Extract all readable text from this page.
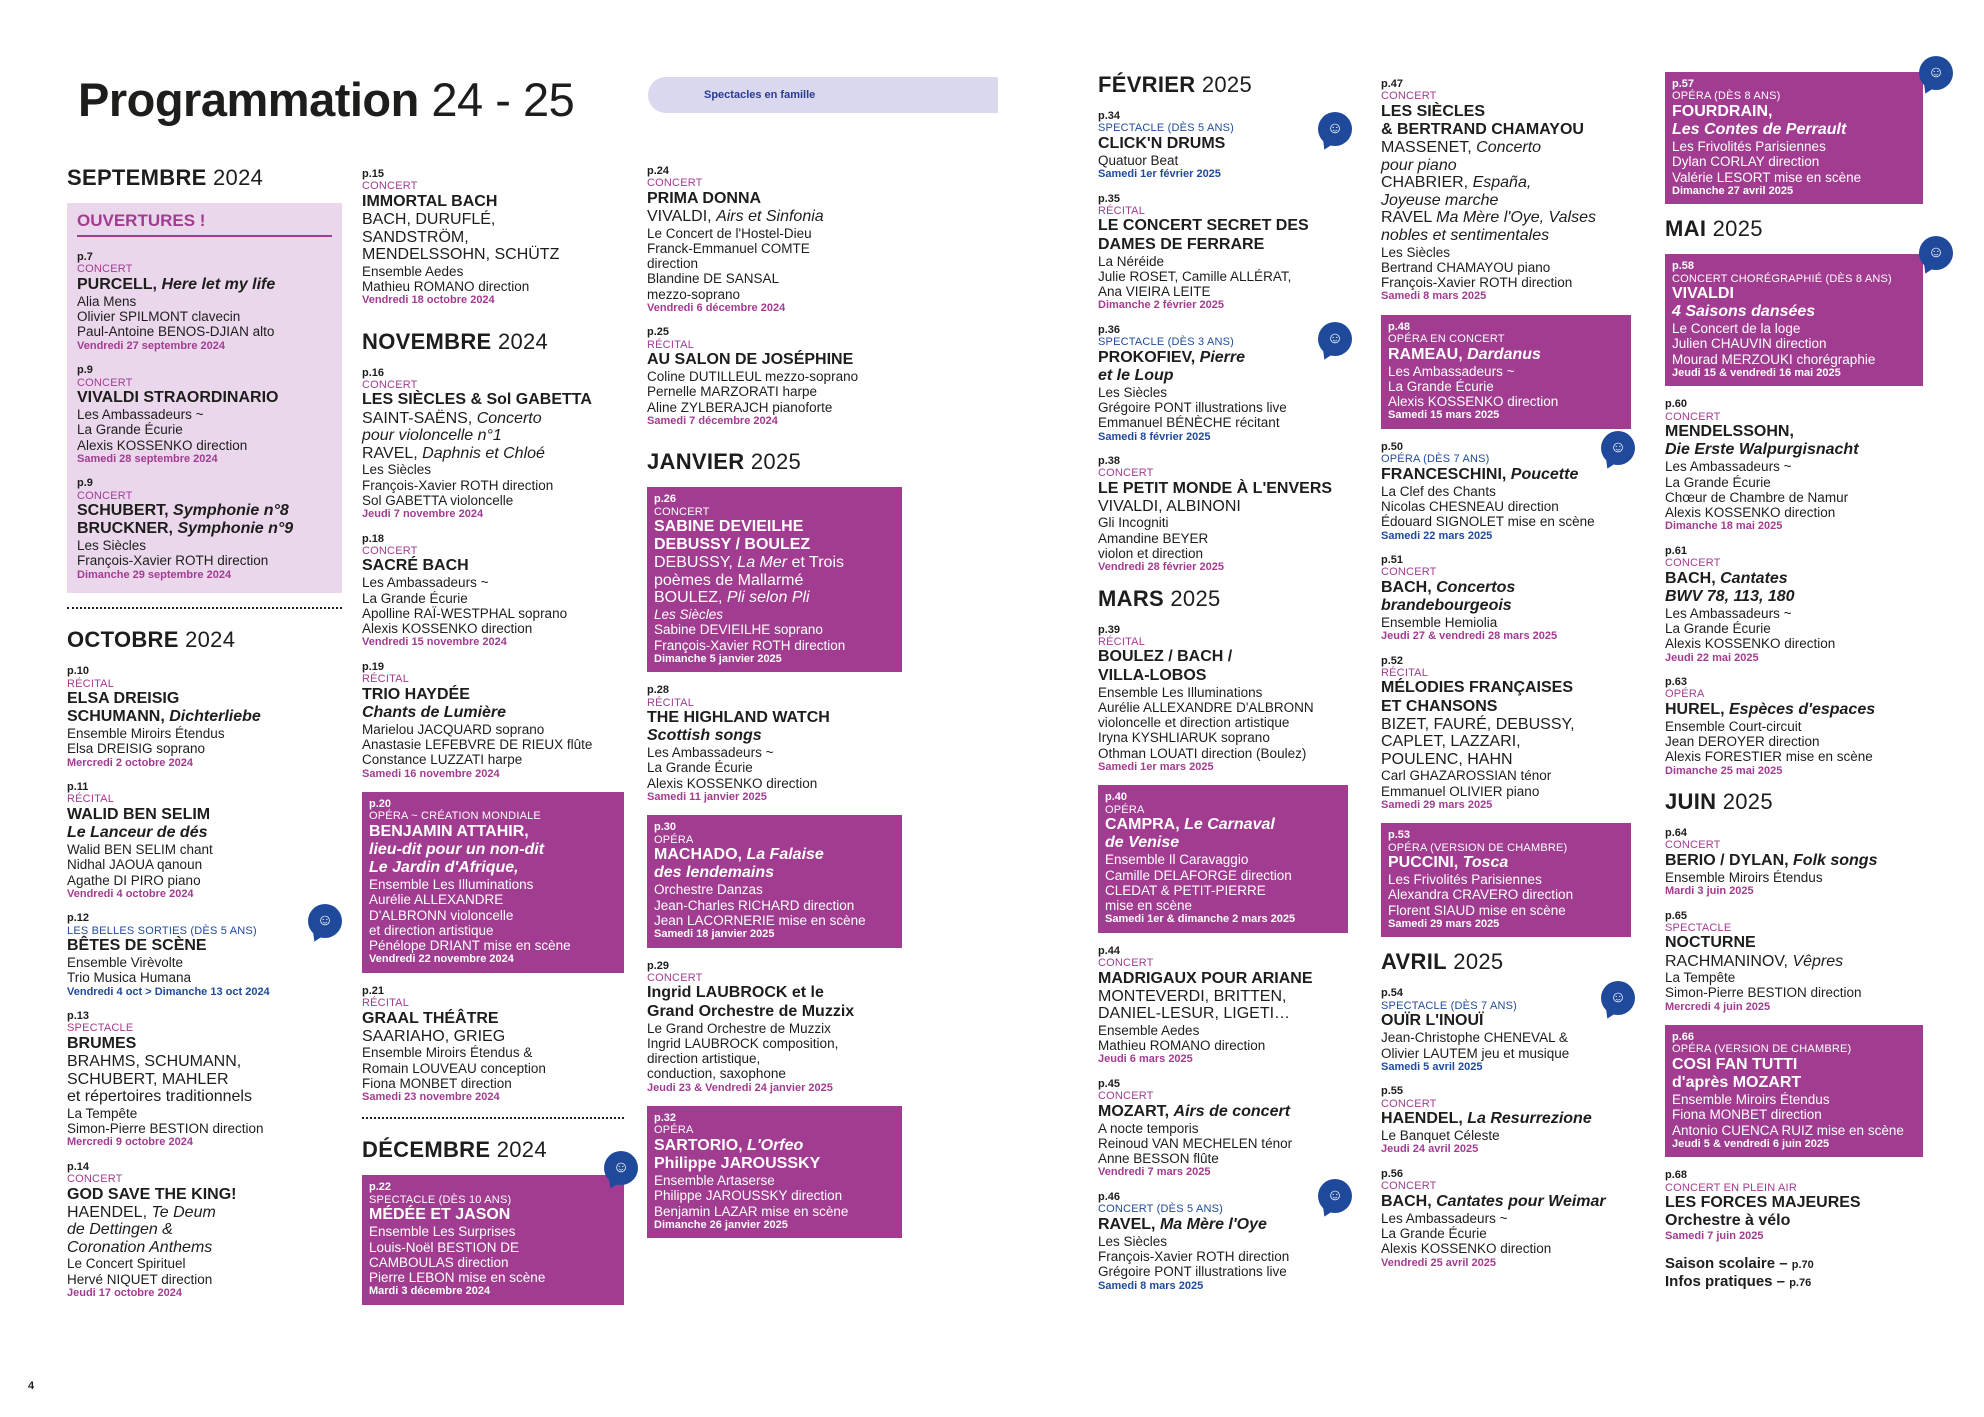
Programmation 24 - 25	Spectacles en famille
SEPTEMBRE 2024
OUVERTURES !
p.7
CONCERT
PURCELL, Here let my life
Alia Mens
Olivier SPILMONT clavecin
Paul-Antoine BENOS-DJIAN alto
Vendredi 27 septembre 2024
p.9
CONCERT
VIVALDI STRAORDINARIO
Les Ambassadeurs ~
La Grande Écurie
Alexis KOSSENKO direction
Samedi 28 septembre 2024
p.9
CONCERT
SCHUBERT, Symphonie n°8
BRUCKNER, Symphonie n°9
Les Siècles
François-Xavier ROTH direction
Dimanche 29 septembre 2024
OCTOBRE 2024
p.10
RÉCITAL
ELSA DREISIG
SCHUMANN, Dichterliebe
Ensemble Miroirs Étendus
Elsa DREISIG soprano
Mercredi 2 octobre 2024
p.11
RÉCITAL
WALID BEN SELIM
Le Lanceur de dés
Walid BEN SELIM chant
Nidhal JAOUA qanoun
Agathe DI PIRO piano
Vendredi 4 octobre 2024
p.12
LES BELLES SORTIES (DÈS 5 ANS)
BÊTES DE SCÈNE
Ensemble Virèvolte
Trio Musica Humana
Vendredi 4 oct > Dimanche 13 oct 2024
☺
p.13
SPECTACLE
BRUMES
BRAHMS, SCHUMANN,
SCHUBERT, MAHLER
et répertoires traditionnels
La Tempête
Simon-Pierre BESTION direction
Mercredi 9 octobre 2024
p.14
CONCERT
GOD SAVE THE KING!
HAENDEL, Te Deum
de Dettingen &
Coronation Anthems
Le Concert Spirituel
Hervé NIQUET direction
Jeudi 17 octobre 2024
p.15
CONCERT
IMMORTAL BACH
BACH, DURUFLÉ,
SANDSTRÖM,
MENDELSSOHN, SCHÜTZ
Ensemble Aedes
Mathieu ROMANO direction
Vendredi 18 octobre 2024
NOVEMBRE 2024
p.16
CONCERT
LES SIÈCLES & Sol GABETTA
SAINT-SAËNS, Concerto
pour violoncelle n°1
RAVEL, Daphnis et Chloé
Les Siècles
François-Xavier ROTH direction
Sol GABETTA violoncelle
Jeudi 7 novembre 2024
p.18
CONCERT
SACRÉ BACH
Les Ambassadeurs ~
La Grande Écurie
Apolline RAÏ-WESTPHAL soprano
Alexis KOSSENKO direction
Vendredi 15 novembre 2024
p.19
RÉCITAL
TRIO HAYDÉE
Chants de Lumière
Marielou JACQUARD soprano
Anastasie LEFEBVRE DE RIEUX flûte
Constance LUZZATI harpe
Samedi 16 novembre 2024
p.20
OPÉRA ~ CRÉATION MONDIALE
BENJAMIN ATTAHIR,
lieu-dit pour un non-dit
Le Jardin d'Afrique,
Ensemble Les Illuminations
Aurélie ALLEXANDRE
D'ALBRONN violoncelle
et direction artistique
Pénélope DRIANT mise en scène
Vendredi 22 novembre 2024
p.21
RÉCITAL
GRAAL THÉÂTRE
SAARIAHO, GRIEG
Ensemble Miroirs Étendus &
Romain LOUVEAU conception
Fiona MONBET direction
Samedi 23 novembre 2024
DÉCEMBRE 2024
p.22
SPECTACLE (DÈS 10 ANS)
MÉDÉE ET JASON
Ensemble Les Surprises
Louis-Noël BESTION DE
CAMBOULAS direction
Pierre LEBON mise en scène
Mardi 3 décembre 2024
☺
p.24
CONCERT
PRIMA DONNA
VIVALDI, Airs et Sinfonia
Le Concert de l'Hostel-Dieu
Franck-Emmanuel COMTE
direction
Blandine DE SANSAL
mezzo-soprano
Vendredi 6 décembre 2024
p.25
RÉCITAL
AU SALON DE JOSÉPHINE
Coline DUTILLEUL mezzo-soprano
Pernelle MARZORATI harpe
Aline ZYLBERAJCH pianoforte
Samedi 7 décembre 2024
JANVIER 2025
p.26
CONCERT
SABINE DEVIEILHE
DEBUSSY / BOULEZ
DEBUSSY, La Mer et Trois
poèmes de Mallarmé
BOULEZ, Pli selon Pli
Les Siècles
Sabine DEVIEILHE soprano
François-Xavier ROTH direction
Dimanche 5 janvier 2025
p.28
RÉCITAL
THE HIGHLAND WATCH
Scottish songs
Les Ambassadeurs ~
La Grande Écurie
Alexis KOSSENKO direction
Samedi 11 janvier 2025
p.30
OPÉRA
MACHADO, La Falaise
des lendemains
Orchestre Danzas
Jean-Charles RICHARD direction
Jean LACORNERIE mise en scène
Samedi 18 janvier 2025
p.29
CONCERT
Ingrid LAUBROCK et le
Grand Orchestre de Muzzix
Le Grand Orchestre de Muzzix
Ingrid LAUBROCK composition,
direction artistique,
conduction, saxophone
Jeudi 23 & Vendredi 24 janvier 2025
p.32
OPÉRA
SARTORIO, L'Orfeo
Philippe JAROUSSKY
Ensemble Artaserse
Philippe JAROUSSKY direction
Benjamin LAZAR mise en scène
Dimanche 26 janvier 2025
FÉVRIER 2025
p.34
SPECTACLE (DÈS 5 ANS)
CLICK'N DRUMS
Quatuor Beat
Samedi 1er février 2025
☺
p.35
RÉCITAL
LE CONCERT SECRET DES
DAMES DE FERRARE
La Néréide
Julie ROSET, Camille ALLÉRAT,
Ana VIEIRA LEITE
Dimanche 2 février 2025
p.36
SPECTACLE (DÈS 3 ANS)
PROKOFIEV, Pierre
et le Loup
Les Siècles
Grégoire PONT illustrations live
Emmanuel BÉNÈCHE récitant
Samedi 8 février 2025
☺
p.38
CONCERT
LE PETIT MONDE À L'ENVERS
VIVALDI, ALBINONI
Gli Incogniti
Amandine BEYER
violon et direction
Vendredi 28 février 2025
MARS 2025
p.39
RÉCITAL
BOULEZ / BACH /
VILLA-LOBOS
Ensemble Les Illuminations
Aurélie ALLEXANDRE D'ALBRONN
violoncelle et direction artistique
Iryna KYSHLIARUK soprano
Othman LOUATI direction (Boulez)
Samedi 1er mars 2025
p.40
OPÉRA
CAMPRA, Le Carnaval
de Venise
Ensemble Il Caravaggio
Camille DELAFORGE direction
CLEDAT & PETIT-PIERRE
mise en scène
Samedi 1er & dimanche 2 mars 2025
p.44
CONCERT
MADRIGAUX POUR ARIANE
MONTEVERDI, BRITTEN,
DANIEL-LESUR, LIGETI…
Ensemble Aedes
Mathieu ROMANO direction
Jeudi 6 mars 2025
p.45
CONCERT
MOZART, Airs de concert
A nocte temporis
Reinoud VAN MECHELEN ténor
Anne BESSON flûte
Vendredi 7 mars 2025
p.46
CONCERT (DÈS 5 ANS)
RAVEL, Ma Mère l'Oye
Les Siècles
François-Xavier ROTH direction
Grégoire PONT illustrations live
Samedi 8 mars 2025
☺
p.47
CONCERT
LES SIÈCLES
& BERTRAND CHAMAYOU
MASSENET, Concerto
pour piano
CHABRIER, España,
Joyeuse marche
RAVEL Ma Mère l'Oye, Valses
nobles et sentimentales
Les Siècles
Bertrand CHAMAYOU piano
François-Xavier ROTH direction
Samedi 8 mars 2025
p.48
OPÉRA EN CONCERT
RAMEAU, Dardanus
Les Ambassadeurs ~
La Grande Écurie
Alexis KOSSENKO direction
Samedi 15 mars 2025
p.50
OPÉRA (DÈS 7 ANS)
FRANCESCHINI, Poucette
La Clef des Chants
Nicolas CHESNEAU direction
Édouard SIGNOLET mise en scène
Samedi 22 mars 2025
☺
p.51
CONCERT
BACH, Concertos
brandebourgeois
Ensemble Hemiolia
Jeudi 27 & vendredi 28 mars 2025
p.52
RÉCITAL
MÉLODIES FRANÇAISES
ET CHANSONS
BIZET, FAURÉ, DEBUSSY,
CAPLET, LAZZARI,
POULENC, HAHN
Carl GHAZAROSSIAN ténor
Emmanuel OLIVIER piano
Samedi 29 mars 2025
p.53
OPÉRA (VERSION DE CHAMBRE)
PUCCINI, Tosca
Les Frivolités Parisiennes
Alexandra CRAVERO direction
Florent SIAUD mise en scène
Samedi 29 mars 2025
AVRIL 2025
p.54
SPECTACLE (DÈS 7 ANS)
OUÏR L'INOUÏ
Jean-Christophe CHENEVAL &
Olivier LAUTEM jeu et musique
Samedi 5 avril 2025
☺
p.55
CONCERT
HAENDEL, La Resurrezione
Le Banquet Céleste
Jeudi 24 avril 2025
p.56
CONCERT
BACH, Cantates pour Weimar
Les Ambassadeurs ~
La Grande Écurie
Alexis KOSSENKO direction
Vendredi 25 avril 2025
p.57
OPÉRA (DÈS 8 ANS)
FOURDRAIN,
Les Contes de Perrault
Les Frivolités Parisiennes
Dylan CORLAY direction
Valérie LESORT mise en scène
Dimanche 27 avril 2025
☺
MAI 2025
p.58
CONCERT CHORÉGRAPHIÉ (DÈS 8 ANS)
VIVALDI
4 Saisons dansées
Le Concert de la loge
Julien CHAUVIN direction
Mourad MERZOUKI chorégraphie
Jeudi 15 & vendredi 16 mai 2025
☺
p.60
CONCERT
MENDELSSOHN,
Die Erste Walpurgisnacht
Les Ambassadeurs ~
La Grande Écurie
Chœur de Chambre de Namur
Alexis KOSSENKO direction
Dimanche 18 mai 2025
p.61
CONCERT
BACH, Cantates
BWV 78, 113, 180
Les Ambassadeurs ~
La Grande Écurie
Alexis KOSSENKO direction
Jeudi 22 mai 2025
p.63
OPÉRA
HUREL, Espèces d'espaces
Ensemble Court-circuit
Jean DEROYER direction
Alexis FORESTIER mise en scène
Dimanche 25 mai 2025
JUIN 2025
p.64
CONCERT
BERIO / DYLAN, Folk songs
Ensemble Miroirs Étendus
Mardi 3 juin 2025
p.65
SPECTACLE
NOCTURNE
RACHMANINOV, Vêpres
La Tempête
Simon-Pierre BESTION direction
Mercredi 4 juin 2025
p.66
OPÉRA (VERSION DE CHAMBRE)
COSI FAN TUTTI
d'après MOZART
Ensemble Miroirs Étendus
Fiona MONBET direction
Antonio CUENCA RUIZ mise en scène
Jeudi 5 & vendredi 6 juin 2025
p.68
CONCERT EN PLEIN AIR
LES FORCES MAJEURES
Orchestre à vélo
Samedi 7 juin 2025
Saison scolaire – p.70
Infos pratiques – p.76
4
